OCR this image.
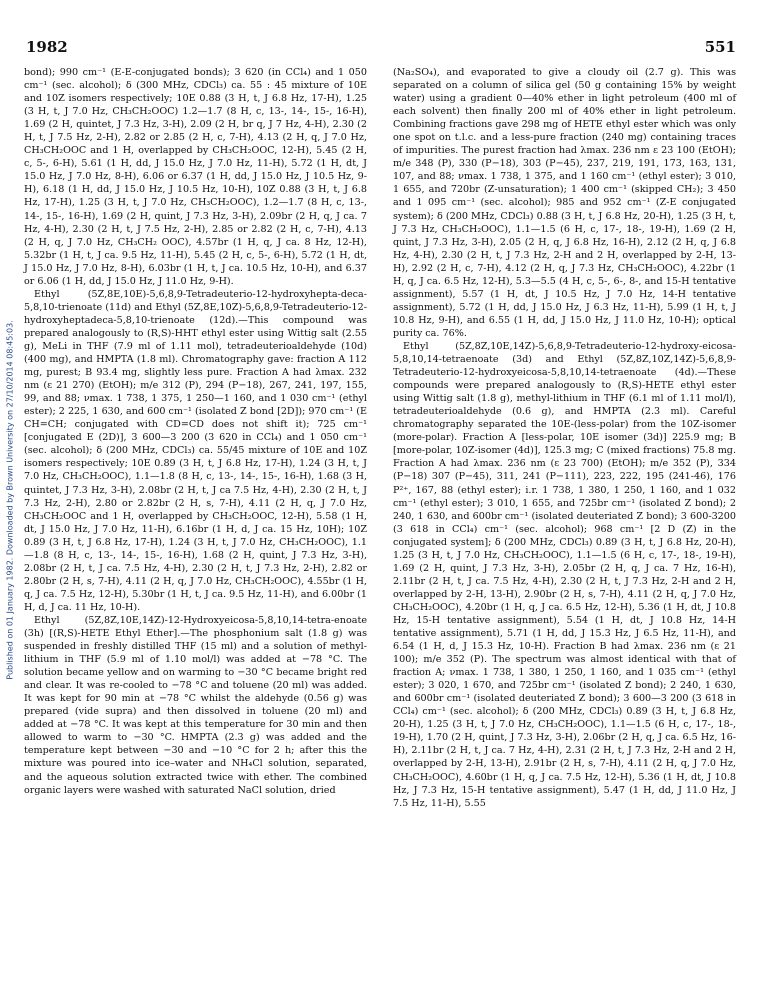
1982	551
Published on 01 January 1982. Downloaded by Brown University on 27/10/2014 08:45:03.

bond); 990 cm⁻¹ (E-E-conjugated bonds); 3 620 (in CCl₄) and 1 050 cm⁻¹ (sec. alcohol); δ (300 MHz, CDCl₃) ca. 55 : 45 mixture of 10E and 10Z isomers respectively; 10E 0.88 (3 H, t, J 6.8 Hz, 17-H), 1.25 (3 H, t, J 7.0 Hz, CH₃CH₂OOC) 1.2—1.7 (8 H, c, 13-, 14-, 15-, 16-H), 1.69 (2 H, quintet, J 7.3 Hz, 3-H), 2.09 (2 H, br q, J 7 Hz, 4-H), 2.30 (2 H, t, J 7.5 Hz, 2-H), 2.82 or 2.85 (2 H, c, 7-H), 4.13 (2 H, q, J 7.0 Hz, CH₃CH₂OOC and 1 H, overlapped by CH₃CH₂OOC, 12-H), 5.45 (2 H, c, 5-, 6-H), 5.61 (1 H, dd, J 15.0 Hz, J 7.0 Hz, 11-H), 5.72 (1 H, dt, J 15.0 Hz, J 7.0 Hz, 8-H), 6.06 or 6.37 (1 H, dd, J 15.0 Hz, J 10.5 Hz, 9-H), 6.18 (1 H, dd, J 15.0 Hz, J 10.5 Hz, 10-H), 10Z 0.88 (3 H, t, J 6.8 Hz, 17-H), 1.25 (3 H, t, J 7.0 Hz, CH₃CH₂OOC), 1.2—1.7 (8 H, c, 13-, 14-, 15-, 16-H), 1.69 (2 H, quint, J 7.3 Hz, 3-H), 2.09br (2 H, q, J ca. 7 Hz, 4-H), 2.30 (2 H, t, J 7.5 Hz, 2-H), 2.85 or 2.82 (2 H, c, 7-H), 4.13 (2 H, q, J 7.0 Hz, CH₃CH₂ OOC), 4.57br (1 H, q, J ca. 8 Hz, 12-H), 5.32br (1 H, t, J ca. 9.5 Hz, 11-H), 5.45 (2 H, c, 5-, 6-H), 5.72 (1 H, dt, J 15.0 Hz, J 7.0 Hz, 8-H), 6.03br (1 H, t, J ca. 10.5 Hz, 10-H), and 6.37 or 6.06 (1 H, dd, J 15.0 Hz, J 11.0 Hz, 9-H).

Ethyl (5Z,8E,10E)-5,6,8,9-Tetradeuterio-12-hydroxyhepta-deca-5,8,10-trienoate (11d) and Ethyl (5Z,8E,10Z)-5,6,8,9-Tetradeuterio-12-hydroxyheptadeca-5,8,10-trienoate (12d).—This compound was prepared analogously to (R,S)-HHT ethyl ester using Wittig salt (2.55 g), MeLi in THF (7.9 ml of 1.11 mol), tetradeuterioaldehyde (10d) (400 mg), and HMPTA (1.8 ml). Chromatography gave: fraction A 112 mg, purest; B 93.4 mg, slightly less pure. Fraction A had λmax. 232 nm (ε 21 270) (EtOH); m/e 312 (P), 294 (P−18), 267, 241, 197, 155, 99, and 88; νmax. 1 738, 1 375, 1 250—1 160, and 1 030 cm⁻¹ (ethyl ester); 2 225, 1 630, and 600 cm⁻¹ (isolated Z bond [2D]); 970 cm⁻¹ (E CH=CH; conjugated with CD=CD does not shift it); 725 cm⁻¹ [conjugated E (2D)], 3 600—3 200 (3 620 in CCl₄) and 1 050 cm⁻¹ (sec. alcohol); δ (200 MHz, CDCl₃) ca. 55/45 mixture of 10E and 10Z isomers respectively; 10E 0.89 (3 H, t, J 6.8 Hz, 17-H), 1.24 (3 H, t, J 7.0 Hz, CH₃CH₂OOC), 1.1—1.8 (8 H, c, 13-, 14-, 15-, 16-H), 1.68 (3 H, quintet, J 7.3 Hz, 3-H), 2.08br (2 H, t, J ca 7.5 Hz, 4-H), 2.30 (2 H, t, J 7.3 Hz, 2-H), 2.80 or 2.82br (2 H, s, 7-H), 4.11 (2 H, q, J 7.0 Hz, CH₃CH₂OOC and 1 H, overlapped by CH₃CH₂OOC, 12-H), 5.58 (1 H, dt, J 15.0 Hz, J 7.0 Hz, 11-H), 6.16br (1 H, d, J ca. 15 Hz, 10H); 10Z 0.89 (3 H, t, J 6.8 Hz, 17-H), 1.24 (3 H, t, J 7.0 Hz, CH₃CH₂OOC), 1.1—1.8 (8 H, c, 13-, 14-, 15-, 16-H), 1.68 (2 H, quint, J 7.3 Hz, 3-H), 2.08br (2 H, t, J ca. 7.5 Hz, 4-H), 2.30 (2 H, t, J 7.3 Hz, 2-H), 2.82 or 2.80br (2 H, s, 7-H), 4.11 (2 H, q, J 7.0 Hz, CH₃CH₂OOC), 4.55br (1 H, q, J ca. 7.5 Hz, 12-H), 5.30br (1 H, t, J ca. 9.5 Hz, 11-H), and 6.00br (1 H, d, J ca. 11 Hz, 10-H).

Ethyl (5Z,8Z,10E,14Z)-12-Hydroxyeicosa-5,8,10,14-tetra-enoate (3h) [(R,S)-HETE Ethyl Ether].—The phosphonium salt (1.8 g) was suspended in freshly distilled THF (15 ml) and a solution of methyl-lithium in THF (5.9 ml of 1.10 mol/l) was added at −78 °C. The solution became yellow and on warming to −30 °C became bright red and clear. It was re-cooled to −78 °C and toluene (20 ml) was added. It was kept for 90 min at −78 °C whilst the aldehyde (0.56 g) was prepared (vide supra) and then dissolved in toluene (20 ml) and added at −78 °C. It was kept at this temperature for 30 min and then allowed to warm to −30 °C. HMPTA (2.3 g) was added and the temperature kept between −30 and −10 °C for 2 h; after this the mixture was poured into ice–water and NH₄Cl solution, separated, and the aqueous solution extracted twice with ether. The combined organic layers were washed with saturated NaCl solution, dried

(Na₂SO₄), and evaporated to give a cloudy oil (2.7 g). This was separated on a column of silica gel (50 g containing 15% by weight water) using a gradient 0—40% ether in light petroleum (400 ml of each solvent) then finally 200 ml of 40% ether in light petroleum. Combining fractions gave 298 mg of HETE ethyl ester which was only one spot on t.l.c. and a less-pure fraction (240 mg) containing traces of impurities. The purest fraction had λmax. 236 nm ε 23 100 (EtOH); m/e 348 (P), 330 (P−18), 303 (P−45), 237, 219, 191, 173, 163, 131, 107, and 88; νmax. 1 738, 1 375, and 1 160 cm⁻¹ (ethyl ester); 3 010, 1 655, and 720br (Z-unsaturation); 1 400 cm⁻¹ (skipped CH₂); 3 450 and 1 095 cm⁻¹ (sec. alcohol); 985 and 952 cm⁻¹ (Z-E conjugated system); δ (200 MHz, CDCl₃) 0.88 (3 H, t, J 6.8 Hz, 20-H), 1.25 (3 H, t, J 7.3 Hz, CH₃CH₂OOC), 1.1—1.5 (6 H, c, 17-, 18-, 19-H), 1.69 (2 H, quint, J 7.3 Hz, 3-H), 2.05 (2 H, q, J 6.8 Hz, 16-H), 2.12 (2 H, q, J 6.8 Hz, 4-H), 2.30 (2 H, t, J 7.3 Hz, 2-H and 2 H, overlapped by 2-H, 13-H), 2.92 (2 H, c, 7-H), 4.12 (2 H, q, J 7.3 Hz, CH₃CH₂OOC), 4.22br (1 H, q, J ca. 6.5 Hz, 12-H), 5.3—5.5 (4 H, c, 5-, 6-, 8-, and 15-H tentative assignment), 5.57 (1 H, dt, J 10.5 Hz, J 7.0 Hz, 14-H tentative assignment), 5.72 (1 H, dd, J 15.0 Hz, J 6.3 Hz, 11-H), 5.99 (1 H, t, J 10.8 Hz, 9-H), and 6.55 (1 H, dd, J 15.0 Hz, J 11.0 Hz, 10-H); optical purity ca. 76%.

Ethyl (5Z,8Z,10E,14Z)-5,6,8,9-Tetradeuterio-12-hydroxy-eicosa-5,8,10,14-tetraenoate (3d) and Ethyl (5Z,8Z,10Z,14Z)-5,6,8,9-Tetradeuterio-12-hydroxyeicosa-5,8,10,14-tetraenoate (4d).—These compounds were prepared analogously to (R,S)-HETE ethyl ester using Wittig salt (1.8 g), methyl-lithium in THF (6.1 ml of 1.11 mol/l), tetradeuterioaldehyde (0.6 g), and HMPTA (2.3 ml). Careful chromatography separated the 10E-(less-polar) from the 10Z-isomer (more-polar). Fraction A [less-polar, 10E isomer (3d)] 225.9 mg; B [more-polar, 10Z-isomer (4d)], 125.3 mg; C (mixed fractions) 75.8 mg. Fraction A had λmax. 236 nm (ε 23 700) (EtOH); m/e 352 (P), 334 (P−18) 307 (P−45), 311, 241 (P−111), 223, 222, 195 (241-46), 176 P²⁺, 167, 88 (ethyl ester); i.r. 1 738, 1 380, 1 250, 1 160, and 1 032 cm⁻¹ (ethyl ester); 3 010, 1 655, and 725br cm⁻¹ (isolated Z bond); 2 240, 1 630, and 600br cm⁻¹ (isolated deuteriated Z bond); 3 600-3200 (3 618 in CCl₄) cm⁻¹ (sec. alcohol); 968 cm⁻¹ [2 D (Z) in the conjugated system]; δ (200 MHz, CDCl₃) 0.89 (3 H, t, J 6.8 Hz, 20-H), 1.25 (3 H, t, J 7.0 Hz, CH₃CH₂OOC), 1.1—1.5 (6 H, c, 17-, 18-, 19-H), 1.69 (2 H, quint, J 7.3 Hz, 3-H), 2.05br (2 H, q, J ca. 7 Hz, 16-H), 2.11br (2 H, t, J ca. 7.5 Hz, 4-H), 2.30 (2 H, t, J 7.3 Hz, 2-H and 2 H, overlapped by 2-H, 13-H), 2.90br (2 H, s, 7-H), 4.11 (2 H, q, J 7.0 Hz, CH₃CH₂OOC), 4.20br (1 H, q, J ca. 6.5 Hz, 12-H), 5.36 (1 H, dt, J 10.8 Hz, 15-H tentative assignment), 5.54 (1 H, dt, J 10.8 Hz, 14-H tentative assignment), 5.71 (1 H, dd, J 15.3 Hz, J 6.5 Hz, 11-H), and 6.54 (1 H, d, J 15.3 Hz, 10-H). Fraction B had λmax. 236 nm (ε 21 100); m/e 352 (P). The spectrum was almost identical with that of fraction A; νmax. 1 738, 1 380, 1 250, 1 160, and 1 035 cm⁻¹ (ethyl ester); 3 020, 1 670, and 725br cm⁻¹ (isolated Z bond); 2 240, 1 630, and 600br cm⁻¹ (isolated deuteriated Z bond); 3 600—3 200 (3 618 in CCl₄) cm⁻¹ (sec. alcohol); δ (200 MHz, CDCl₃) 0.89 (3 H, t, J 6.8 Hz, 20-H), 1.25 (3 H, t, J 7.0 Hz, CH₃CH₂OOC), 1.1—1.5 (6 H, c, 17-, 18-, 19-H), 1.70 (2 H, quint, J 7.3 Hz, 3-H), 2.06br (2 H, q, J ca. 6.5 Hz, 16-H), 2.11br (2 H, t, J ca. 7 Hz, 4-H), 2.31 (2 H, t, J 7.3 Hz, 2-H and 2 H, overlapped by 2-H, 13-H), 2.91br (2 H, s, 7-H), 4.11 (2 H, q, J 7.0 Hz, CH₃CH₂OOC), 4.60br (1 H, q, J ca. 7.5 Hz, 12-H), 5.36 (1 H, dt, J 10.8 Hz, J 7.3 Hz, 15-H tentative assignment), 5.47 (1 H, dd, J 11.0 Hz, J 7.5 Hz, 11-H), 5.55
